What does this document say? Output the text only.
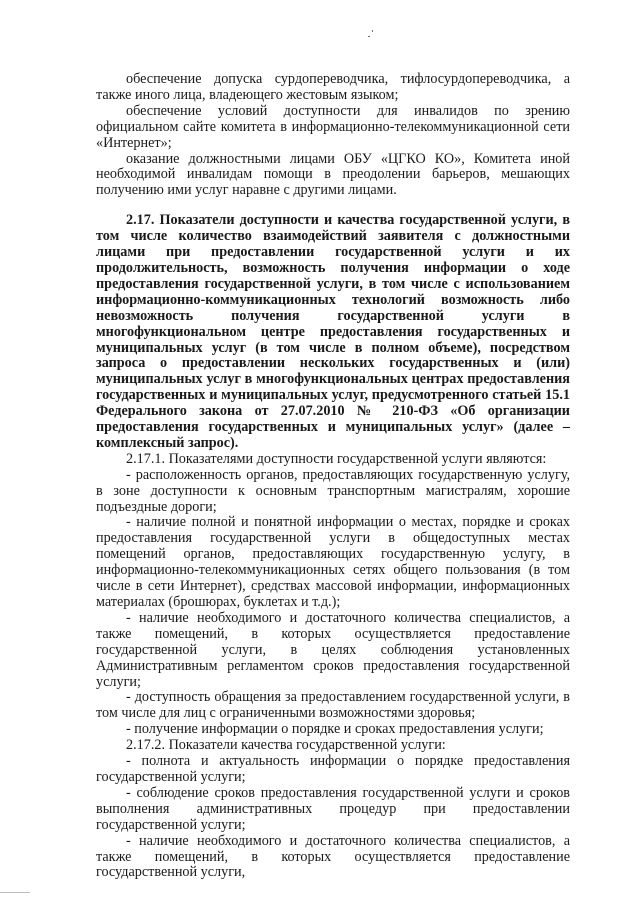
обеспечение допуска сурдопереводчика, тифлосурдопереводчика, а также иного лица, владеющего жестовым языком;
обеспечение условий доступности для инвалидов по зрению официальном сайте комитета в информационно-телекоммуникационной сети «Интернет»;
оказание должностными лицами ОБУ «ЦГКО КО», Комитета иной необходимой инвалидам помощи в преодолении барьеров, мешающих получению ими услуг наравне с другими лицами.
2.17. Показатели доступности и качества государственной услуги, в том числе количество взаимодействий заявителя с должностными лицами при предоставлении государственной услуги и их продолжительность, возможность получения информации о ходе предоставления государственной услуги, в том числе с использованием информационно-коммуникационных технологий возможность либо невозможность получения государственной услуги в многофункциональном центре предоставления государственных и муниципальных услуг (в том числе в полном объеме), посредством запроса о предоставлении нескольких государственных и (или) муниципальных услуг в многофункциональных центрах предоставления государственных и муниципальных услуг, предусмотренного статьей 15.1 Федерального закона от 27.07.2010 № 210-ФЗ «Об организации предоставления государственных и муниципальных услуг» (далее – комплексный запрос).
2.17.1. Показателями доступности государственной услуги являются:
- расположенность органов, предоставляющих государственную услугу, в зоне доступности к основным транспортным магистралям, хорошие подъездные дороги;
- наличие полной и понятной информации о местах, порядке и сроках предоставления государственной услуги в общедоступных местах помещений органов, предоставляющих государственную услугу, в информационно-телекоммуникационных сетях общего пользования (в том числе в сети Интернет), средствах массовой информации, информационных материалах (брошюрах, буклетах и т.д.);
- наличие необходимого и достаточного количества специалистов, а также помещений, в которых осуществляется предоставление государственной услуги, в целях соблюдения установленных Административным регламентом сроков предоставления государственной услуги;
- доступность обращения за предоставлением государственной услуги, в том числе для лиц с ограниченными возможностями здоровья;
- получение информации о порядке и сроках предоставления услуги;
2.17.2. Показатели качества государственной услуги:
- полнота и актуальность информации о порядке предоставления государственной услуги;
- соблюдение сроков предоставления государственной услуги и сроков выполнения административных процедур при предоставлении государственной услуги;
- наличие необходимого и достаточного количества специалистов, а также помещений, в которых осуществляется предоставление государственной услуги,
